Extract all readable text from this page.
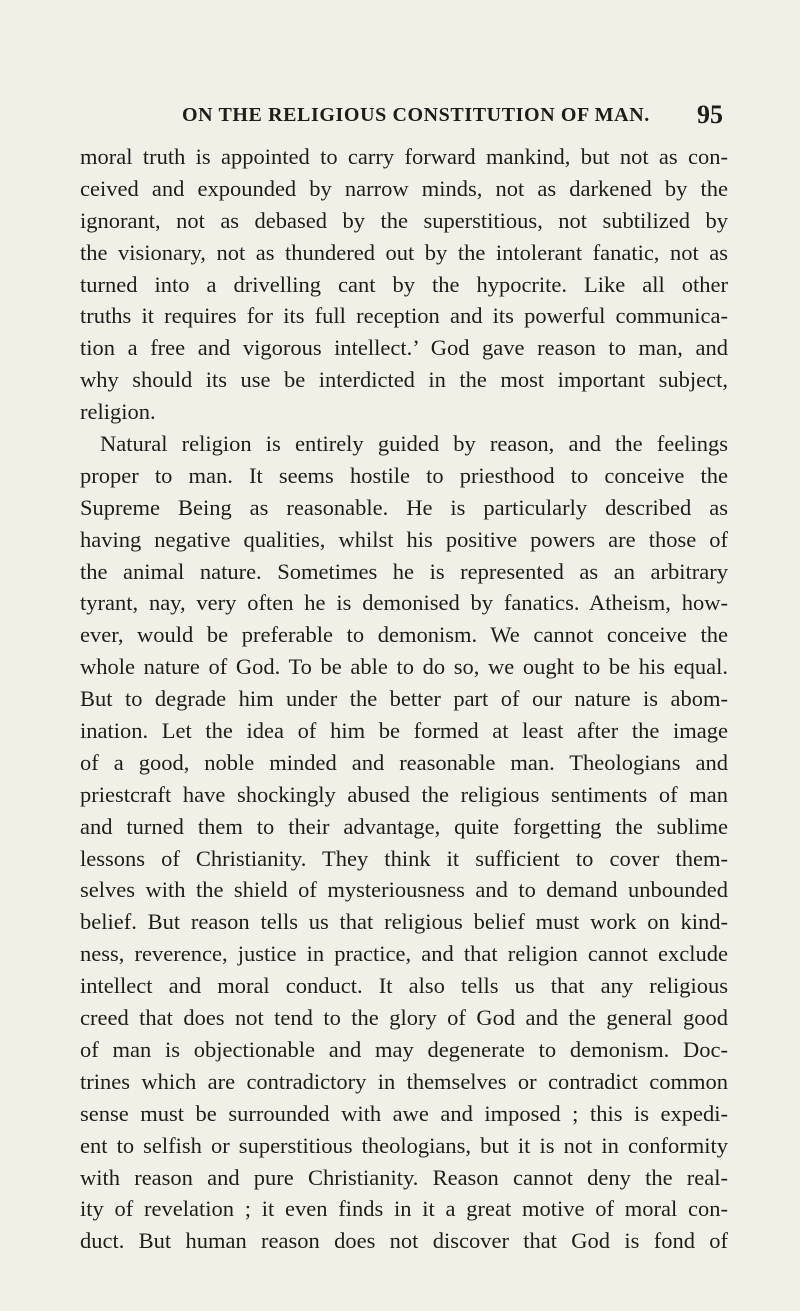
ON THE RELIGIOUS CONSTITUTION OF MAN. 95
moral truth is appointed to carry forward mankind, but not as con-
ceived and expounded by narrow minds, not as darkened by the
ignorant, not as debased by the superstitious, not subtilized by
the visionary, not as thundered out by the intolerant fanatic, not as
turned into a drivelling cant by the hypocrite. Like all other
truths it requires for its full reception and its powerful communica-
tion a free and vigorous intellect.’ God gave reason to man, and
why should its use be interdicted in the most important subject,
religion.
Natural religion is entirely guided by reason, and the feelings
proper to man. It seems hostile to priesthood to conceive the
Supreme Being as reasonable. He is particularly described as
having negative qualities, whilst his positive powers are those of
the animal nature. Sometimes he is represented as an arbitrary
tyrant, nay, very often he is demonised by fanatics. Atheism, how-
ever, would be preferable to demonism. We cannot conceive the
whole nature of God. To be able to do so, we ought to be his equal.
But to degrade him under the better part of our nature is abom-
ination. Let the idea of him be formed at least after the image
of a good, noble minded and reasonable man. Theologians and
priestcraft have shockingly abused the religious sentiments of man
and turned them to their advantage, quite forgetting the sublime
lessons of Christianity. They think it sufficient to cover them-
selves with the shield of mysteriousness and to demand unbounded
belief. But reason tells us that religious belief must work on kind-
ness, reverence, justice in practice, and that religion cannot exclude
intellect and moral conduct. It also tells us that any religious
creed that does not tend to the glory of God and the general good
of man is objectionable and may degenerate to demonism. Doc-
trines which are contradictory in themselves or contradict common
sense must be surrounded with awe and imposed ; this is expedi-
ent to selfish or superstitious theologians, but it is not in conformity
with reason and pure Christianity. Reason cannot deny the real-
ity of revelation ; it even finds in it a great motive of moral con-
duct. But human reason does not discover that God is fond of
